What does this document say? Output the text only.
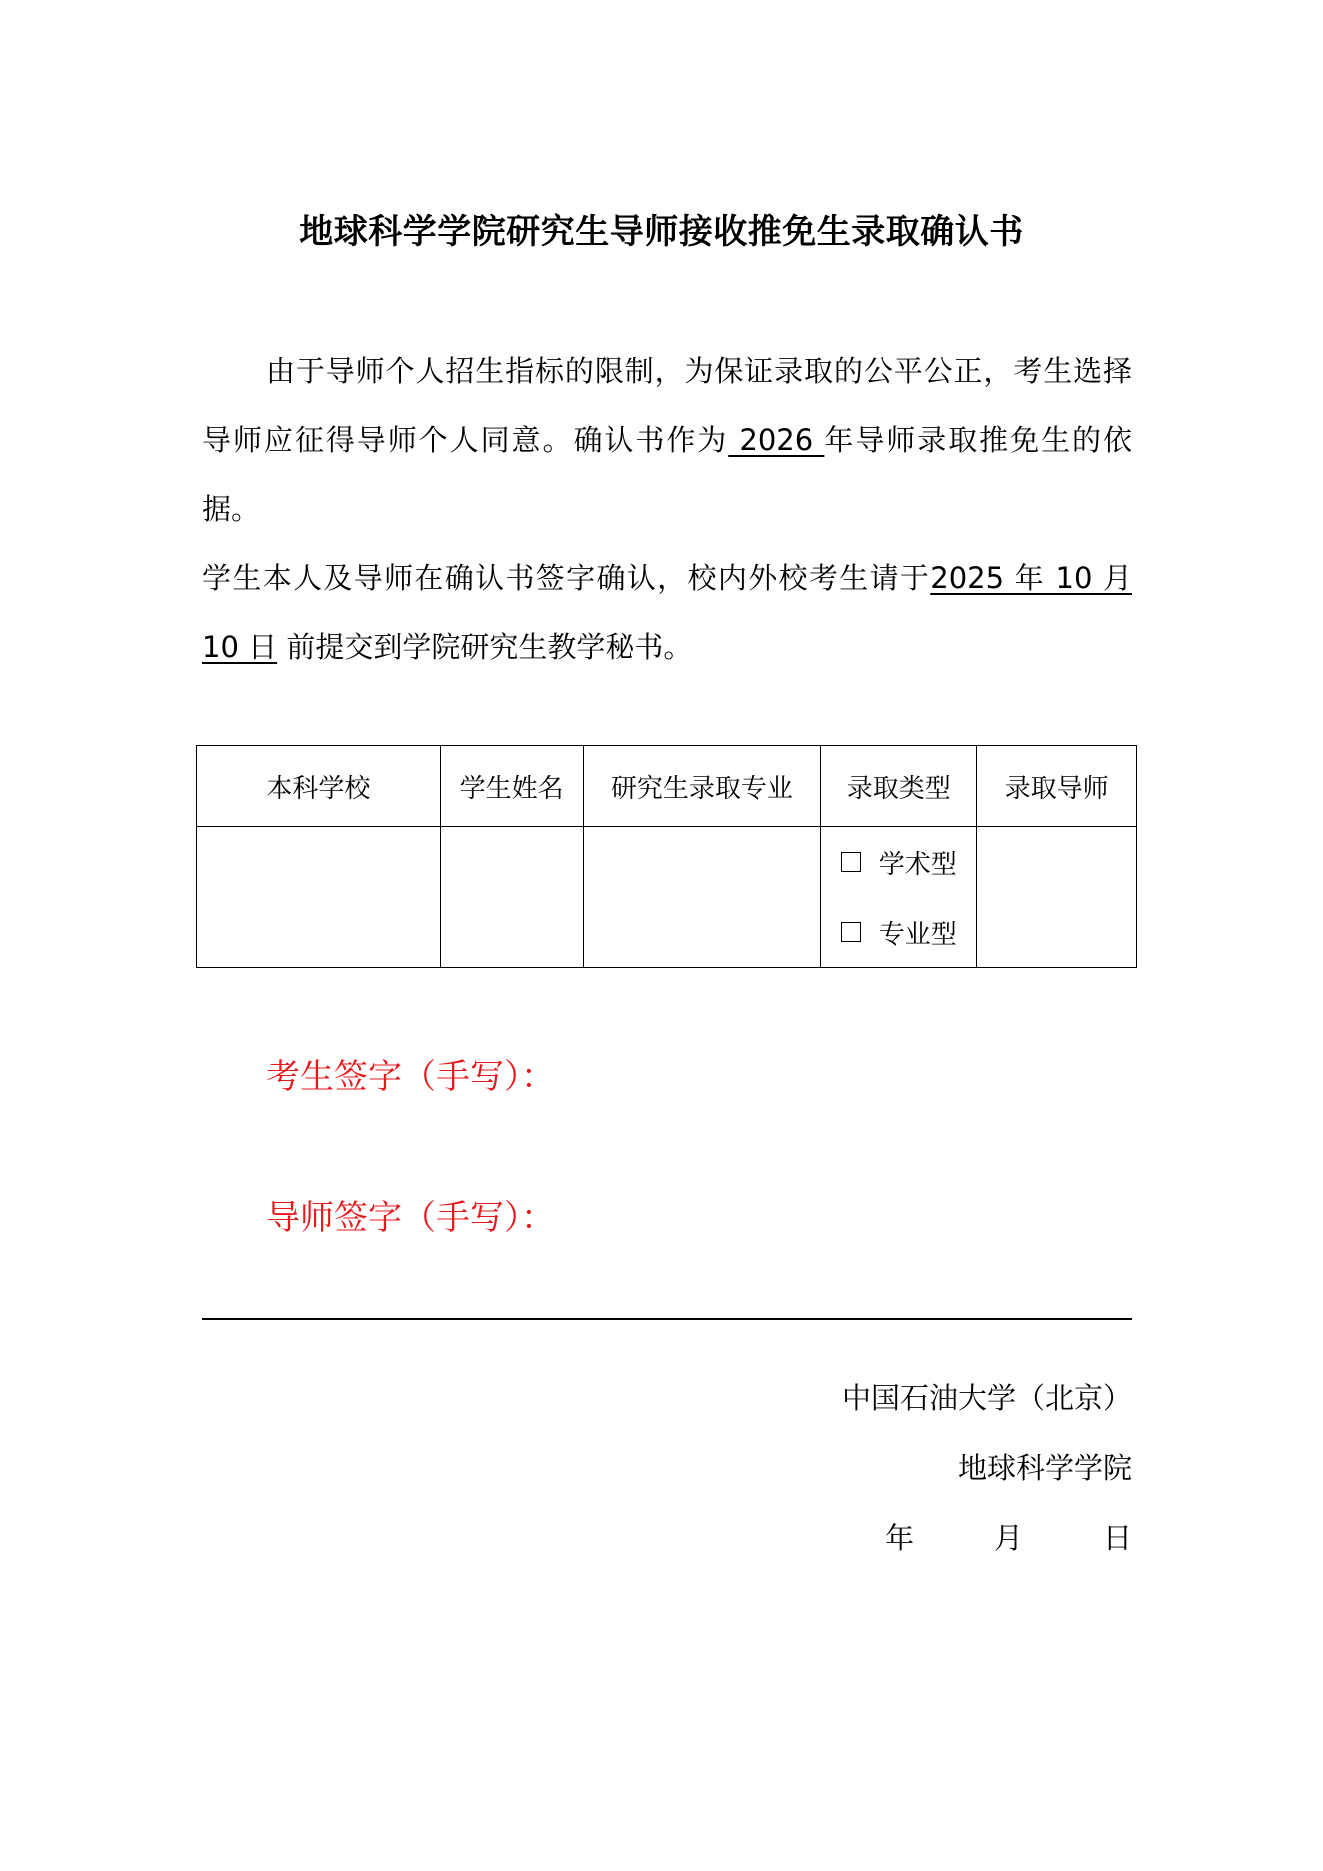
地球科学学院研究生导师接收推免生录取确认书
由于导师个人招生指标的限制，为保证录取的公平公正，考生选择导师应征得导师个人同意。确认书作为 2026 年导师录取推免生的依据。
学生本人及导师在确认书签字确认，校内外校考生请于2025 年 10 月 10 日 前提交到学院研究生教学秘书。
本科学校	学生姓名	研究生录取专业	录取类型	录取导师

			学术型
专业型	

考生签字（手写）：
导师签字（手写）：
中国石油大学（北京）
地球科学学院
年	月	日
